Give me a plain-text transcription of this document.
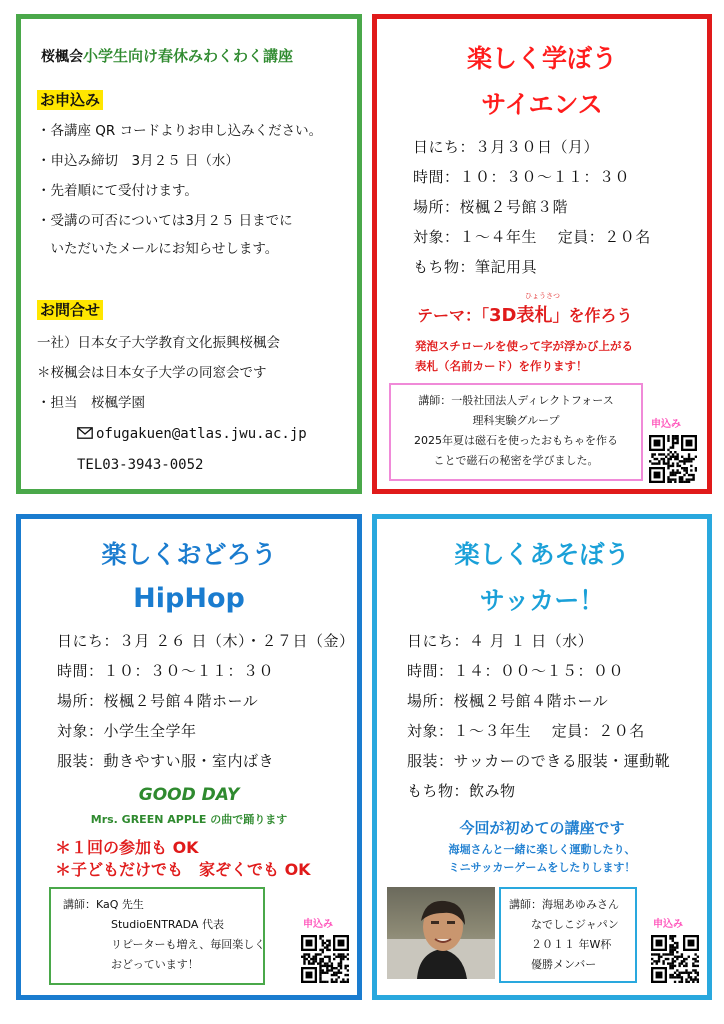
桜楓会小学生向け春休みわくわく講座
お申込み
・各講座 QR コードよりお申し込みください。
・申込み締切　3月２５ 日（水）
・先着順にて受付けます。
・受講の可否については3月２５ 日までに
　いただいたメールにお知らせします。
お問合せ
一社）日本女子大学教育文化振興桜楓会
＊桜楓会は日本女子大学の同窓会です
・担当　桜楓学園
ofugakuen@atlas.jwu.ac.jp
TEL03-3943-0052
楽しく学ぼう
サイエンス
日にち：３月３０日（月）
時間：１０：３０～１１：３０
場所：桜楓２号館３階
対象：１～４年生　 定員：２０名
もち物：筆記用具
ひょうさつ
テーマ：「3D表札」を作ろう
発泡スチロールを使って字が浮かび上がる
表札（名前カード）を作ります！
講師：一般社団法人ディレクトフォース
理科実験グループ
2025年夏は磁石を使ったおもちゃを作る
ことで磁石の秘密を学びました。
申込み
楽しくおどろう
HipHop
日にち：３月 ２６ 日（木）・２７日（金）
時間：１０：３０～１１：３０
場所：桜楓２号館４階ホール
対象：小学生全学年
服装：動きやすい服・室内ばき
GOOD DAY
Mrs. GREEN APPLE の曲で踊ります
＊１回の参加も OK
＊子どもだけでも　家ぞくでも OK
講師：KaQ 先生
StudioENTRADA 代表
リピーターも増え、毎回楽しく
おどっています！
申込み
楽しくあそぼう
サッカー！
日にち：４ 月 １ 日（水）
時間：１４：００～１５：００
場所：桜楓２号館４階ホール
対象：１～３年生　 定員：２０名
服装：サッカーのできる服装・運動靴
もち物：飲み物
今回が初めての講座です
海堀さんと一緒に楽しく運動したり、
ミニサッカーゲームをしたりします！
講師：海堀あゆみさん
なでしこジャパン
２０１１ 年W杯
優勝メンバー
申込み
